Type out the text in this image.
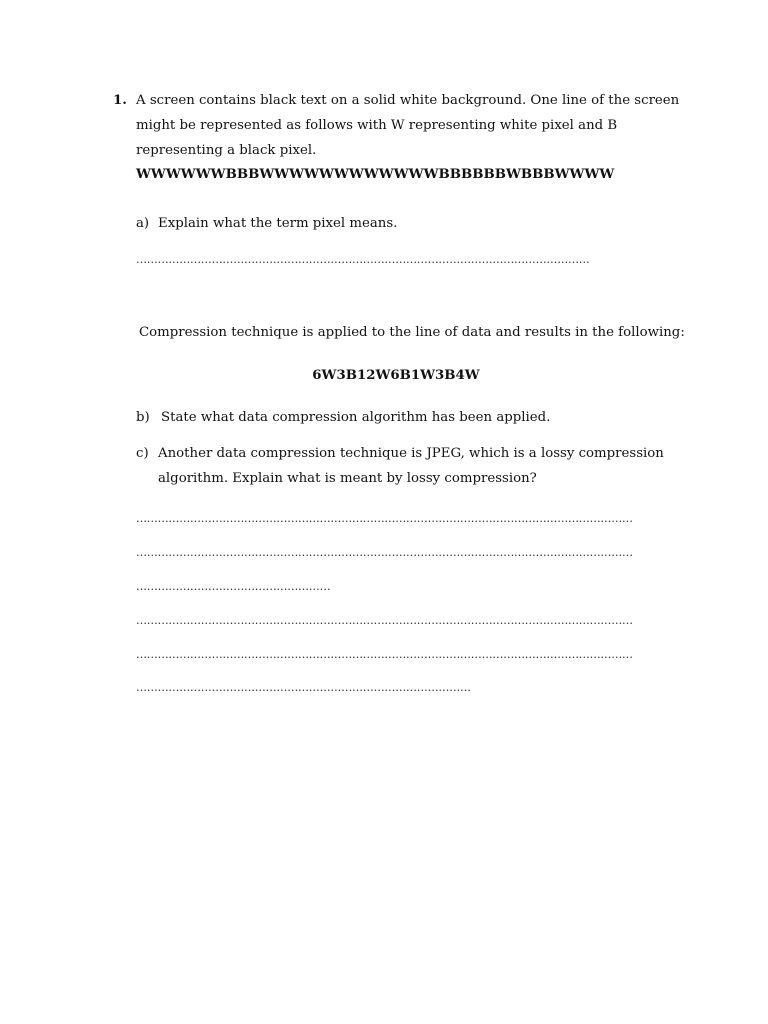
1. A screen contains black text on a solid white background. One line of the screen
might be represented as follows with W representing white pixel and B
representing a black pixel.
WWWWWWBBBWWWWWWWWWWWWBBBBBBWBBBWWWW
a) Explain what the term pixel means.
………………………………………………………………………………………………………………
Compression technique is applied to the line of data and results in the following:
6W3B12W6B1W3B4W
b) State what data compression algorithm has been applied.
c) Another data compression technique is JPEG, which is a lossy compression
algorithm. Explain what is meant by lossy compression?
…………………………………………………………………………………………………………………………
…………………………………………………………………………………………………………………………
………………………………………………
…………………………………………………………………………………………………………………………
…………………………………………………………………………………………………………………………
…………………………………………………………………………………
